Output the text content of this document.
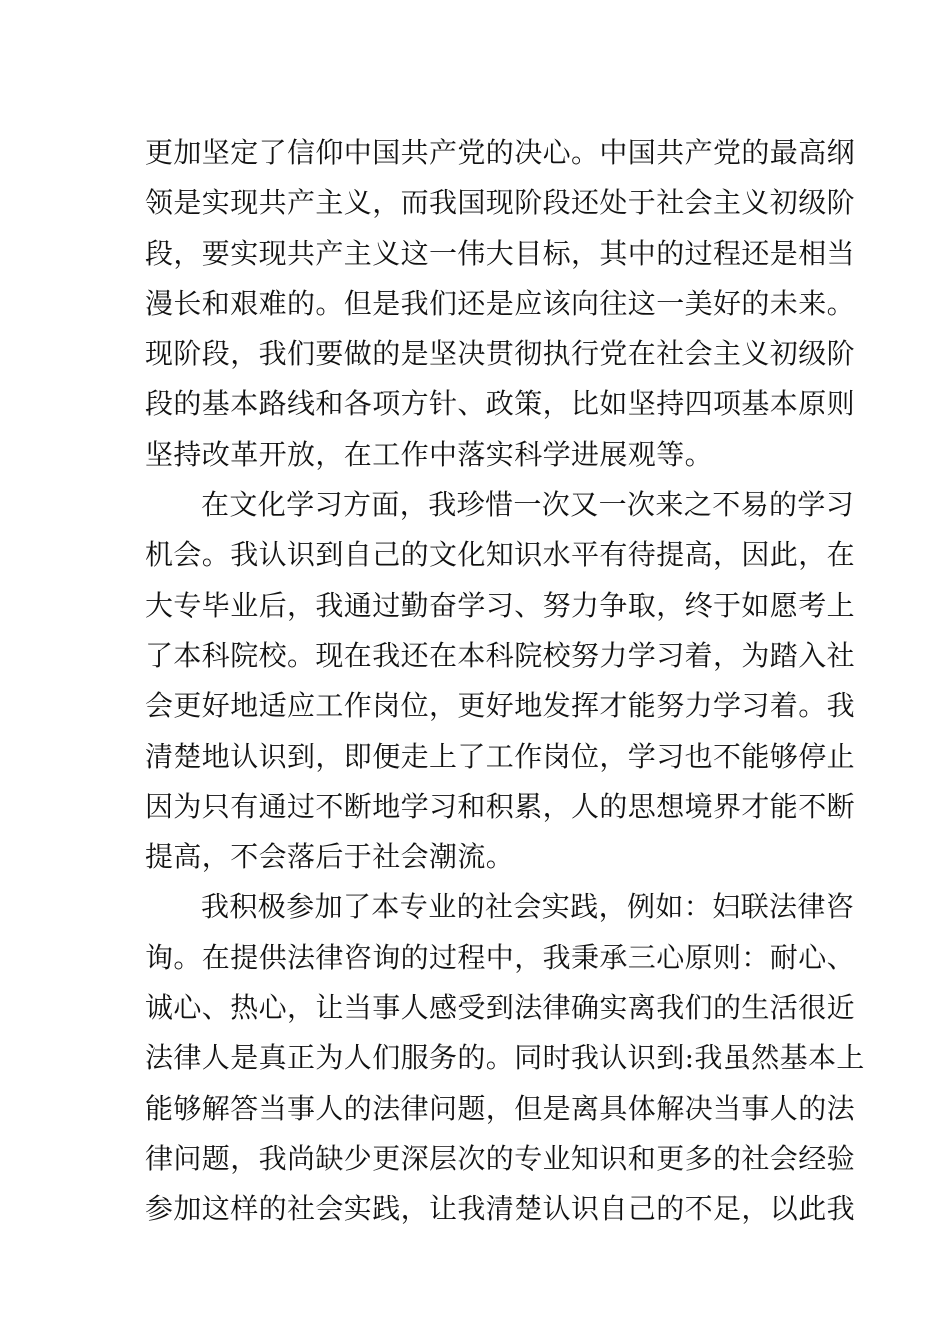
更加坚定了信仰中国共产党的决心。中国共产党的最高纲
领是实现共产主义，而我国现阶段还处于社会主义初级阶
段，要实现共产主义这一伟大目标，其中的过程还是相当
漫长和艰难的。但是我们还是应该向往这一美好的未来。
现阶段，我们要做的是坚决贯彻执行党在社会主义初级阶
段的基本路线和各项方针、政策，比如坚持四项基本原则
坚持改革开放，在工作中落实科学进展观等。
在文化学习方面，我珍惜一次又一次来之不易的学习
机会。我认识到自己的文化知识水平有待提高，因此，在
大专毕业后，我通过勤奋学习、努力争取，终于如愿考上
了本科院校。现在我还在本科院校努力学习着，为踏入社
会更好地适应工作岗位，更好地发挥才能努力学习着。我
清楚地认识到，即便走上了工作岗位，学习也不能够停止
因为只有通过不断地学习和积累，人的思想境界才能不断
提高，不会落后于社会潮流。
我积极参加了本专业的社会实践，例如：妇联法律咨
询。在提供法律咨询的过程中，我秉承三心原则：耐心、
诚心、热心，让当事人感受到法律确实离我们的生活很近
法律人是真正为人们服务的。同时我认识到:我虽然基本上
能够解答当事人的法律问题，但是离具体解决当事人的法
律问题，我尚缺少更深层次的专业知识和更多的社会经验
参加这样的社会实践，让我清楚认识自己的不足，以此我
